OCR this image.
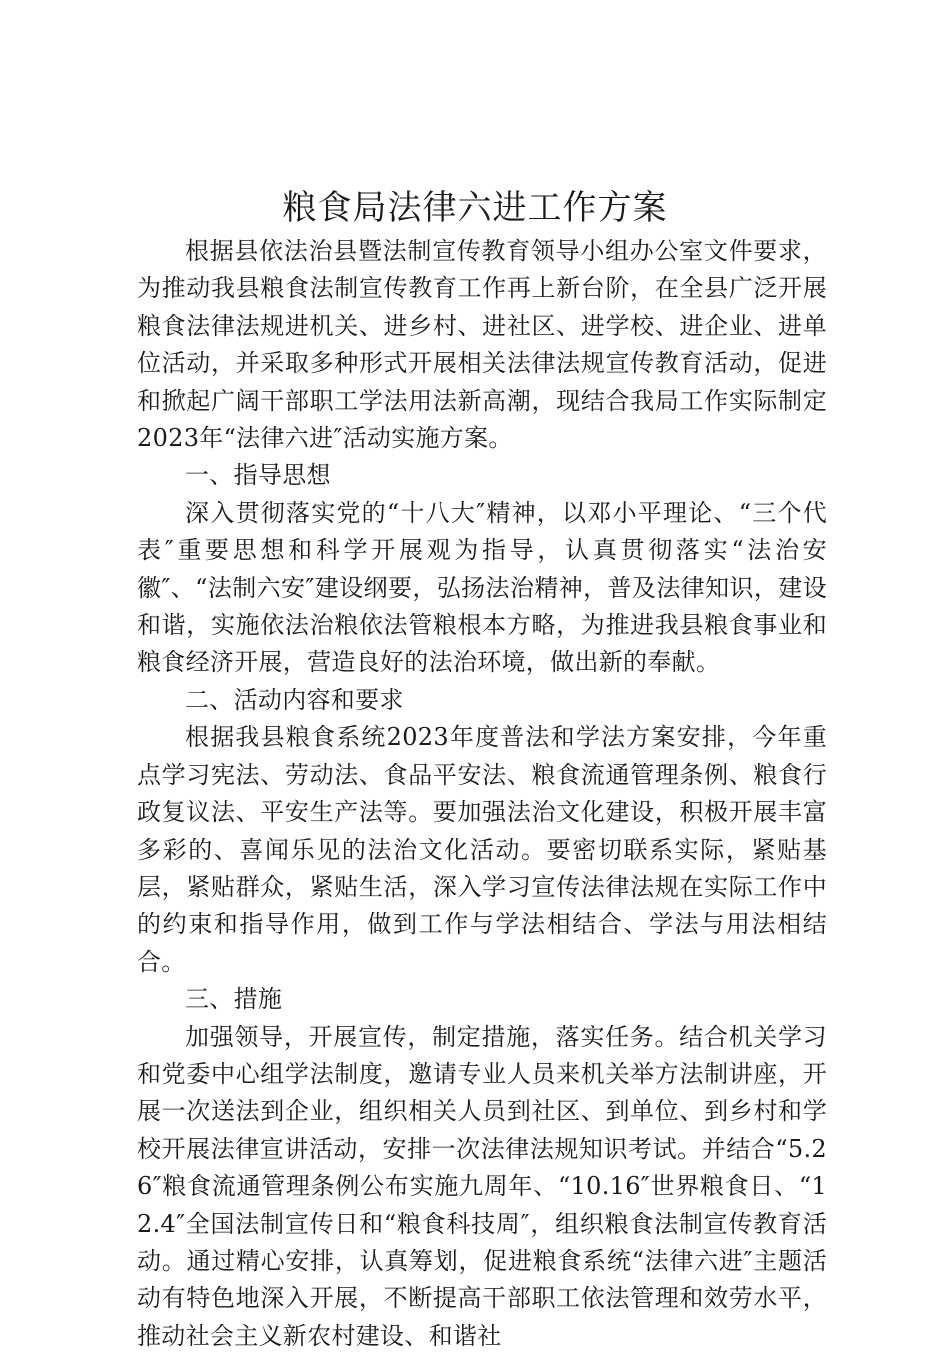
粮食局法律六进工作方案

根据县依法治县暨法制宣传教育领导小组办公室文件要求，为推动我县粮食法制宣传教育工作再上新台阶，在全县广泛开展粮食法律法规进机关、进乡村、进社区、进学校、进企业、进单位活动，并采取多种形式开展相关法律法规宣传教育活动，促进和掀起广阔干部职工学法用法新高潮，现结合我局工作实际制定2023年“法律六进″活动实施方案。

一、指导思想

深入贯彻落实党的“十八大″精神，以邓小平理论、“三个代表″重要思想和科学开展观为指导，认真贯彻落实“法治安徽″、“法制六安″建设纲要，弘扬法治精神，普及法律知识，建设和谐，实施依法治粮依法管粮根本方略，为推进我县粮食事业和粮食经济开展，营造良好的法治环境，做出新的奉献。

二、活动内容和要求

根据我县粮食系统2023年度普法和学法方案安排，今年重点学习宪法、劳动法、食品平安法、粮食流通管理条例、粮食行政复议法、平安生产法等。要加强法治文化建设，积极开展丰富多彩的、喜闻乐见的法治文化活动。要密切联系实际，紧贴基层，紧贴群众，紧贴生活，深入学习宣传法律法规在实际工作中的约束和指导作用，做到工作与学法相结合、学法与用法相结合。

三、措施

加强领导，开展宣传，制定措施，落实任务。结合机关学习和党委中心组学法制度，邀请专业人员来机关举方法制讲座，开展一次送法到企业，组织相关人员到社区、到单位、到乡村和学校开展法律宣讲活动，安排一次法律法规知识考试。并结合“5.26″粮食流通管理条例公布实施九周年、“10.16″世界粮食日、“12.4″全国法制宣传日和“粮食科技周″，组织粮食法制宣传教育活动。通过精心安排，认真筹划，促进粮食系统“法律六进″主题活动有特色地深入开展，不断提高干部职工依法管理和效劳水平，推动社会主义新农村建设、和谐社
